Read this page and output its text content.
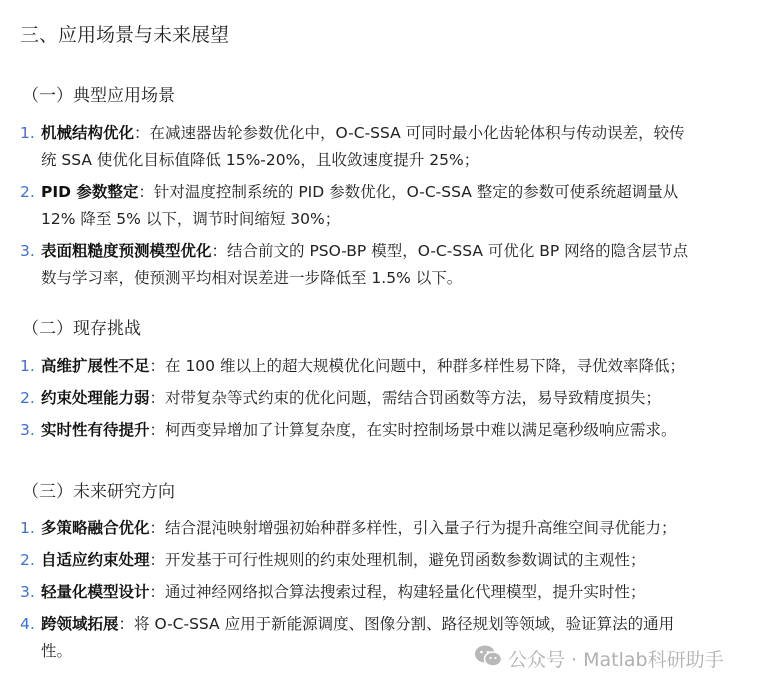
三、应用场景与未来展望
（一）典型应用场景
1. 机械结构优化：在减速器齿轮参数优化中，O-C-SSA 可同时最小化齿轮体积与传动误差，较传统 SSA 使优化目标值降低 15%-20%，且收敛速度提升 25%；
2. PID 参数整定：针对温度控制系统的 PID 参数优化，O-C-SSA 整定的参数可使系统超调量从 12% 降至 5% 以下，调节时间缩短 30%；
3. 表面粗糙度预测模型优化：结合前文的 PSO-BP 模型，O-C-SSA 可优化 BP 网络的隐含层节点数与学习率，使预测平均相对误差进一步降低至 1.5% 以下。
（二）现存挑战
1. 高维扩展性不足：在 100 维以上的超大规模优化问题中，种群多样性易下降，寻优效率降低；
2. 约束处理能力弱：对带复杂等式约束的优化问题，需结合罚函数等方法，易导致精度损失；
3. 实时性有待提升：柯西变异增加了计算复杂度，在实时控制场景中难以满足毫秒级响应需求。
（三）未来研究方向
1. 多策略融合优化：结合混沌映射增强初始种群多样性，引入量子行为提升高维空间寻优能力；
2. 自适应约束处理：开发基于可行性规则的约束处理机制，避免罚函数参数调试的主观性；
3. 轻量化模型设计：通过神经网络拟合算法搜索过程，构建轻量化代理模型，提升实时性；
4. 跨领域拓展：将 O-C-SSA 应用于新能源调度、图像分割、路径规划等领域，验证算法的通用性。	公众号 · Matlab科研助手
